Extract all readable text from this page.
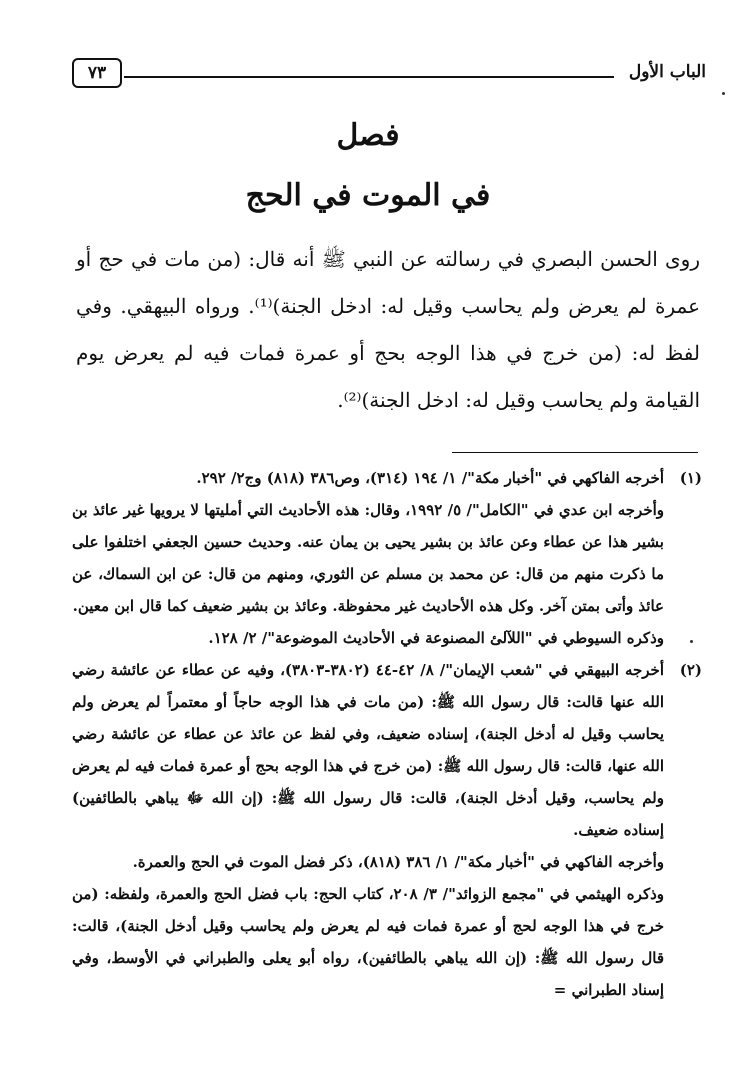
الباب الأول
٧٣
فصل
في الموت في الحج

روى الحسن البصري في رسالته عن النبي ﷺ أنه قال: (من مات في حج أو عمرة لم يعرض ولم يحاسب وقيل له: ادخل الجنة)⁽¹⁾. ورواه البيهقي. وفي لفظ له: (من خرج في هذا الوجه بحج أو عمرة فمات فيه لم يعرض يوم القيامة ولم يحاسب وقيل له: ادخل الجنة)⁽²⁾.

(١)

أخرجه الفاكهي في "أخبار مكة"/ ١/ ١٩٤ (٣١٤)، وص٣٨٦ (٨١٨) وج٢/ ٢٩٢.

وأخرجه ابن عدي في "الكامل"/ ٥/ ١٩٩٢، وقال: هذه الأحاديث التي أمليتها لا يرويها غير عائذ بن بشير هذا عن عطاء وعن عائذ بن بشير يحيى بن يمان عنه. وحديث حسين الجعفي اختلفوا على ما ذكرت منهم من قال: عن محمد بن مسلم عن الثوري، ومنهم من قال: عن ابن السماك، عن عائذ وأتى بمتن آخر. وكل هذه الأحاديث غير محفوظة. وعائذ بن بشير ضعيف كما قال ابن معين.

وذكره السيوطي في "اللآلئ المصنوعة في الأحاديث الموضوعة"/ ٢/ ١٢٨.

(٢)

أخرجه البيهقي في "شعب الإيمان"/ ٨/ ٤٢-٤٤ (٣٨٠٢-٣٨٠٣)، وفيه عن عطاء عن عائشة رضي الله عنها قالت: قال رسول الله ﷺ: (من مات في هذا الوجه حاجاً أو معتمراً لم يعرض ولم يحاسب وقيل له أدخل الجنة)، إسناده ضعيف، وفي لفظ عن عائذ عن عطاء عن عائشة رضي الله عنها، قالت: قال رسول الله ﷺ: (من خرج في هذا الوجه بحج أو عمرة فمات فيه لم يعرض ولم يحاسب، وقيل أدخل الجنة)، قالت: قال رسول الله ﷺ: (إن الله ﷻ يباهي بالطائفين) إسناده ضعيف.

وأخرجه الفاكهي في "أخبار مكة"/ ١/ ٣٨٦ (٨١٨)، ذكر فضل الموت في الحج والعمرة.

وذكره الهيثمي في "مجمع الزوائد"/ ٣/ ٢٠٨، كتاب الحج: باب فضل الحج والعمرة، ولفظه: (من خرج في هذا الوجه لحج أو عمرة فمات فيه لم يعرض ولم يحاسب وقيل أدخل الجنة)، قالت: قال رسول الله ﷺ: (إن الله يباهي بالطائفين)، رواه أبو يعلى والطبراني في الأوسط، وفي إسناد الطبراني =
